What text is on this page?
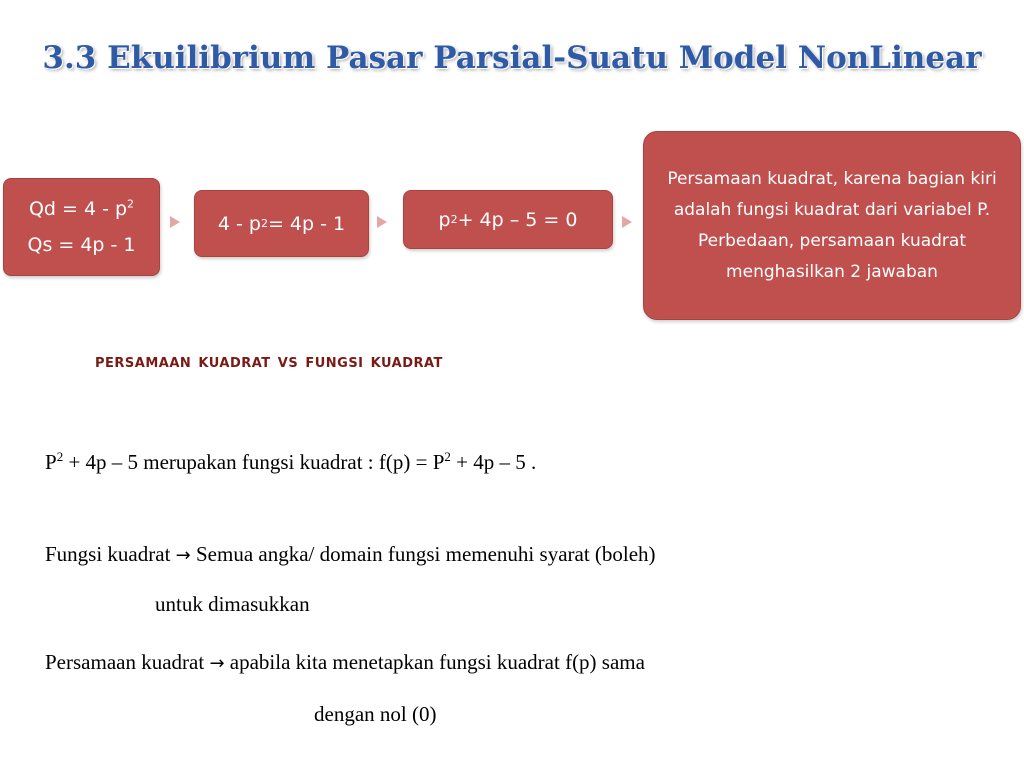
3.3 Ekuilibrium Pasar Parsial-Suatu Model NonLinear
$Qd = 4 - p^2$
Qs = 4p - 1
4 - p 2 = 4p - 1	p 2 + 4p – 5 = 0
Persamaan kuadrat, karena bagian kiri adalah fungsi kuadrat dari variabel P. Perbedaan, persamaan kuadrat menghasilkan 2 jawaban
persamaan kuadrat vs fungsi kuadrat
$P^2 + 4p - 5$ merupakan fungsi kuadrat : $f(p) = P^2 + 4p - 5$ .
Fungsi kuadrat → Semua angka/ domain fungsi memenuhi syarat (boleh)
untuk dimasukkan
Persamaan kuadrat → apabila kita menetapkan fungsi kuadrat f(p) sama
dengan nol (0)
